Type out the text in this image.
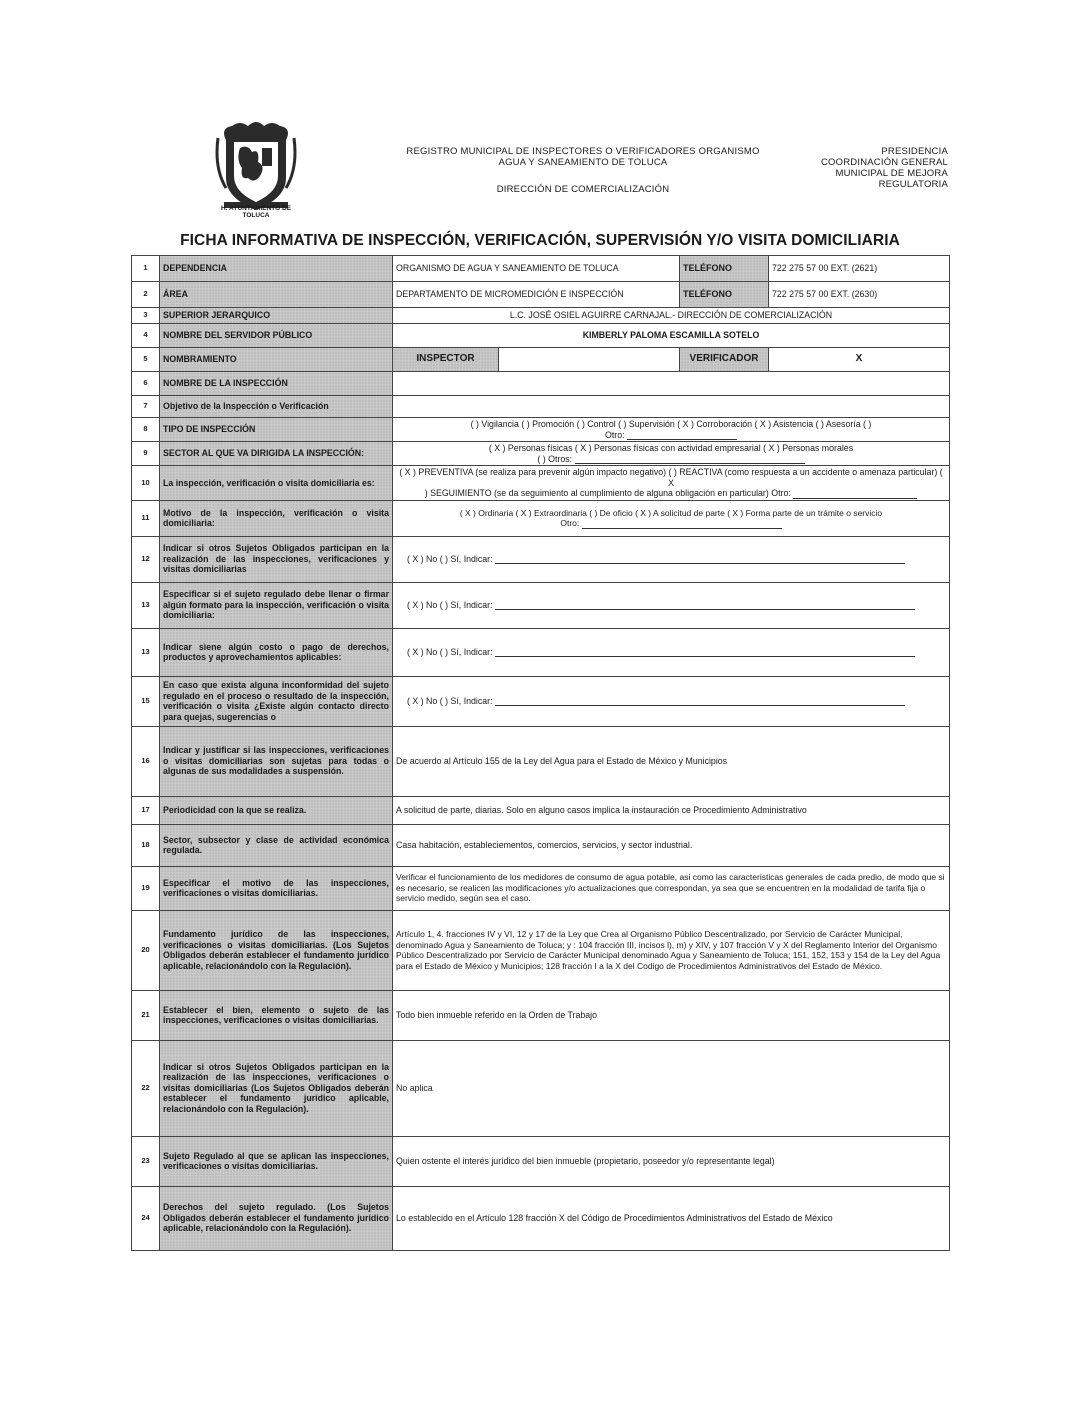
H. AYUNTAMIENTO DE TOLUCA
REGISTRO MUNICIPAL DE INSPECTORES O VERIFICADORES ORGANISMO
AGUA Y SANEAMIENTO DE TOLUCA
DIRECCIÓN DE COMERCIALIZACIÓN
PRESIDENCIA
COORDINACIÓN GENERAL
MUNICIPAL DE MEJORA
REGULATORIA
FICHA INFORMATIVA DE INSPECCIÓN, VERIFICACIÓN, SUPERVISIÓN Y/O VISITA DOMICILIARIA
1	DEPENDENCIA	ORGANISMO DE AGUA Y SANEAMIENTO DE TOLUCA		TELÉFONO	722 275 57 00 EXT. (2621)
2	ÁREA	DEPARTAMENTO DE MICROMEDICIÓN E INSPECCIÓN		TELÉFONO	722 275 57 00 EXT. (2630)
3	SUPERIOR JERARQUICO	L.C. JOSÉ OSIEL AGUIRRE CARNAJAL.- DIRECCIÓN DE COMERCIALIZACIÓN			
4	NOMBRE DEL SERVIDOR PÚBLICO	KIMBERLY PALOMA ESCAMILLA SOTELO			
5	NOMBRAMIENTO	INSPECTOR		VERIFICADOR	X
6	NOMBRE DE LA INSPECCIÓN				
7	Objetivo de la Inspección o Verificación				
8	TIPO DE INSPECCIÓN	( ) Vigilancia ( ) Promoción ( ) Control ( ) Supervisión ( X ) Corroboración ( X ) Asistencia ( ) Asesoría ( )
Otro:			

9	SECTOR AL QUE VA DIRIGIDA LA INSPECCIÓN:	( X ) Personas físicas ( X ) Personas físicas con actividad empresarial ( X ) Personas morales
( ) Otros:			

10	La inspección, verificación o visita domiciliaria es:	( X ) PREVENTIVA (se realiza para prevenir algún impacto negativo) ( ) REACTIVA (como respuesta a un accidente o amenaza particular) ( X
) SEGUIMIENTO (se da seguimiento al cumplimiento de alguna obligación en particular) Otro:			

11	Motivo de la inspección, verificación o visita domiciliaria:	( X ) Ordinaria ( X ) Extraordinaria ( ) De oficio ( X ) A solicitud de parte ( X ) Forma parte de un trámite o servicio
Otro:			

12	Indicar si otros Sujetos Obligados participan en la realización de las inspecciones, verificaciones y visitas domiciliarias	( X ) No ( ) Sí, Indicar:			
13	Especificar si el sujeto regulado debe llenar o firmar algún formato para la inspección, verificación o visita domiciliaria:	( X ) No ( ) Sí, Indicar:			
13	Indicar sìene algún costo o pago de derechos, productos y aprovechamientos aplicables:	( X ) No ( ) Sí, Indicar:			
15	En caso que exista alguna inconformidad del sujeto regulado en el proceso o resultado de la inspección, verificación o visita ¿Existe algún contacto directo para quejas, sugerencias o	( X ) No ( ) Sí, Indicar:			
16	Indicar y justificar si las inspecciones, verificaciones o visitas domiciliarias son sujetas para todas o algunas de sus modalidades a suspensión.	De acuerdo al Artículo 155 de la Ley del Agua para el Estado de México y Municipios			
17	Periodicidad con la que se realiza.	A solicitud de parte, diarias. Solo en alguno casos implica la instauración ce Procedimiento Administrativo			
18	Sector, subsector y clase de actividad económica regulada.	Casa habitación, estableciementos, comercios, servicios, y sector industrial.			
19	Especificar el motivo de las inspecciones, verificaciones o visitas domiciliarias.	Verificar el funcionamiento de los medidores de consumo de agua potable, asi como las caracteristicas generales de cada predio, de modo que si es necesario, se realicen las modificaciones y/o actualizaciones que correspondan, ya sea que se encuentren en la modalidad de tarifa fija o servicio medido, según sea el caso.			
20	Fundamento jurídico de las inspecciones, verificaciones o visitas domiciliarias. (Los Sujetos Obligados deberán establecer el fundamento jurídico aplicable, relacionándolo con la Regulación).	Artículo 1, 4. fracciones IV y VI, 12 y 17 de la Ley que Crea al Organismo Público Descentralizado, por Servicio de Carácter Municipal, denominado Agua y Saneamiento de Toluca; y : 104 fracción III, incisos l), m) y XIV, y 107 fracción V y X del Reglamento Interior del Organismo Público Descentralizado por Servicio de Carácter Municipal denominado Agua y Saneamiento de Toluca; 151, 152, 153 y 154 de la Ley del Agua para el Estado de México y Municipios; 128 fracción I a la X del Codigo de Procedimientos Administrativos del Estado de México.			
21	Establecer el bien, elemento o sujeto de las inspecciones, verificaciones o visitas domiciliarias.	Todo bien inmueble referido en la Orden de Trabajo			
22	Indicar si otros Sujetos Obligados participan en la realización de las inspecciones, verificaciones o visitas domiciliarias (Los Sujetos Obligados deberán establecer el fundamento jurídico aplicable, relacionándolo con la Regulación).	No aplica			
23	Sujeto Regulado al que se aplican las inspecciones, verificaciones o visitas domiciliarias.	Quien ostente el interés jurídico del bien inmueble (propietario, poseedor y/o representante legal)			
24	Derechos del sujeto regulado. (Los Sujetos Obligados deberán establecer el fundamento jurídico aplicable, relacionándolo con la Regulación).	Lo establecido en el Artículo 128 fracción X del Código de Procedimientos Administrativos del Estado de México			
